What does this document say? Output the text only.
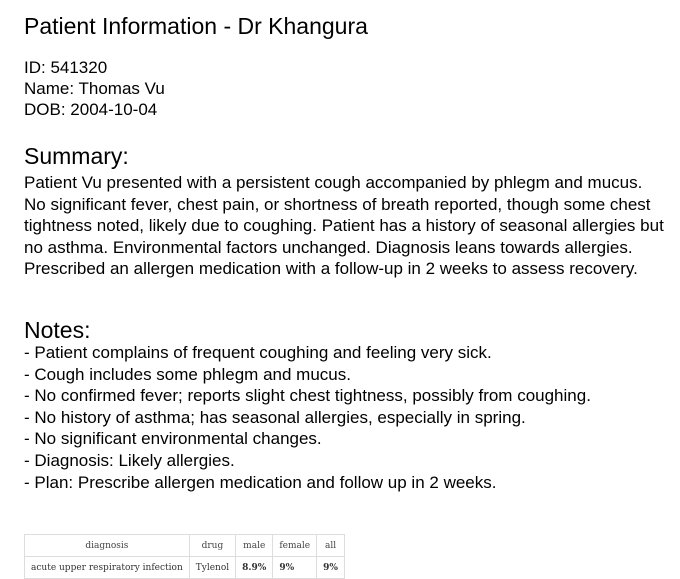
Patient Information - Dr Khangura
ID: 541320
Name: Thomas Vu
DOB: 2004-10-04
Summary:
Patient Vu presented with a persistent cough accompanied by phlegm and mucus. No significant fever, chest pain, or shortness of breath reported, though some chest tightness noted, likely due to coughing. Patient has a history of seasonal allergies but no asthma. Environmental factors unchanged. Diagnosis leans towards allergies. Prescribed an allergen medication with a follow-up in 2 weeks to assess recovery.
Notes:
- Patient complains of frequent coughing and feeling very sick.
- Cough includes some phlegm and mucus.
- No confirmed fever; reports slight chest tightness, possibly from coughing.
- No history of asthma; has seasonal allergies, especially in spring.
- No significant environmental changes.
- Diagnosis: Likely allergies.
- Plan: Prescribe allergen medication and follow up in 2 weeks.
diagnosis	drug	male	female	all
acute upper respiratory infection	Tylenol	8.9%	9%	9%
